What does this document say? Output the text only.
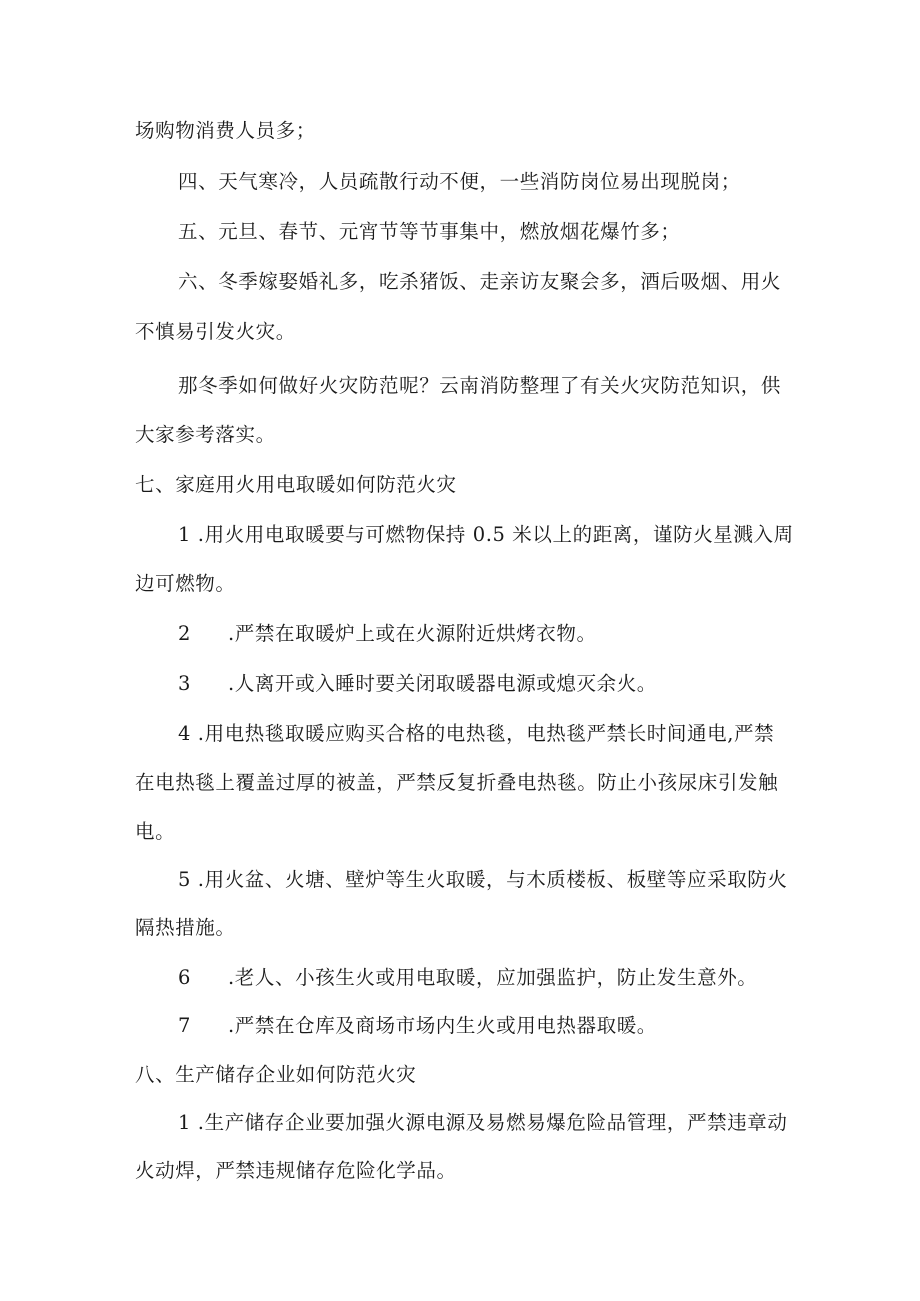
场购物消费人员多；
四、天气寒冷，人员疏散行动不便，一些消防岗位易出现脱岗；
五、元旦、春节、元宵节等节事集中，燃放烟花爆竹多；
六、冬季嫁娶婚礼多，吃杀猪饭、走亲访友聚会多，酒后吸烟、用火
不慎易引发火灾。
那冬季如何做好火灾防范呢？云南消防整理了有关火灾防范知识，供
大家参考落实。
七、家庭用火用电取暖如何防范火灾
1 .用火用电取暖要与可燃物保持 0.5 米以上的距离，谨防火星溅入周
边可燃物。
2 .严禁在取暖炉上或在火源附近烘烤衣物。
3 .人离开或入睡时要关闭取暖器电源或熄灭余火。
4 .用电热毯取暖应购买合格的电热毯，电热毯严禁长时间通电,严禁
在电热毯上覆盖过厚的被盖，严禁反复折叠电热毯。防止小孩尿床引发触
电。
5 .用火盆、火塘、壁炉等生火取暖，与木质楼板、板壁等应采取防火
隔热措施。
6 .老人、小孩生火或用电取暖，应加强监护，防止发生意外。
7 .严禁在仓库及商场市场内生火或用电热器取暖。
八、生产储存企业如何防范火灾
1 .生产储存企业要加强火源电源及易燃易爆危险品管理，严禁违章动
火动焊，严禁违规储存危险化学品。
